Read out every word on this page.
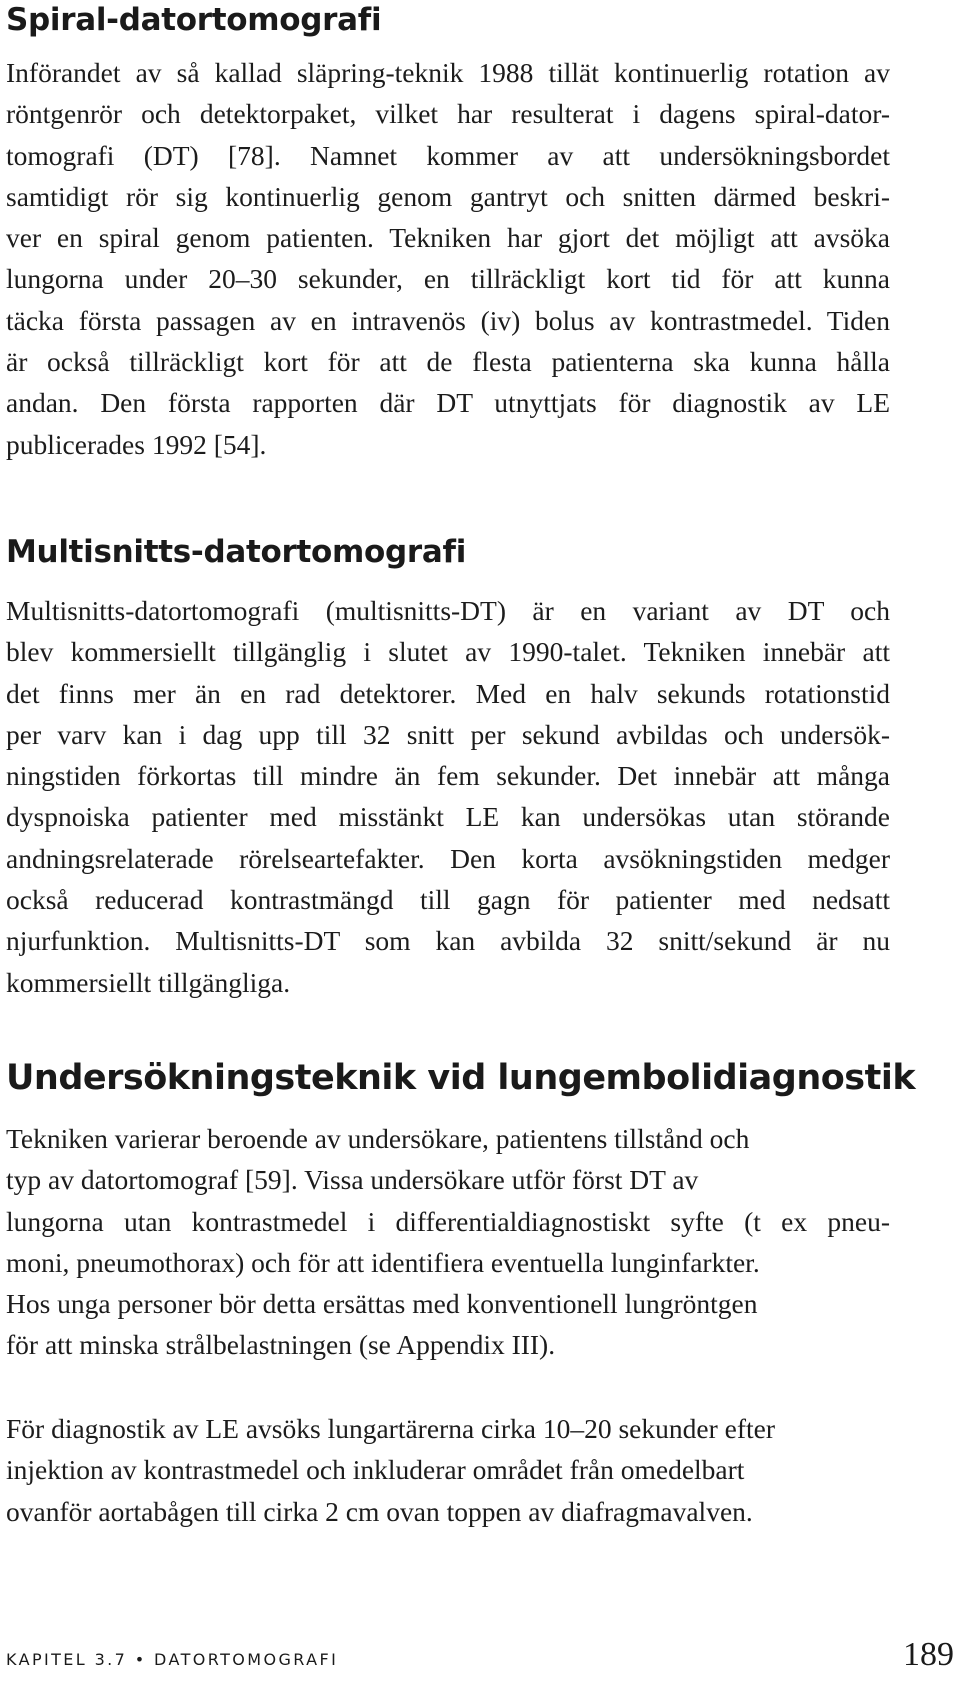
Spiral-datortomografi
Införandet av så kallad släpring-teknik 1988 tillät kontinuerlig rotation av
röntgenrör och detektorpaket, vilket har resulterat i dagens spiral-dator-
tomografi (DT) [78]. Namnet kommer av att undersökningsbordet
samtidigt rör sig kontinuerlig genom gantryt och snitten därmed beskri-
ver en spiral genom patienten. Tekniken har gjort det möjligt att avsöka
lungorna under 20–30 sekunder, en tillräckligt kort tid för att kunna
täcka första passagen av en intravenös (iv) bolus av kontrastmedel. Tiden
är också tillräckligt kort för att de flesta patienterna ska kunna hålla
andan. Den första rapporten där DT utnyttjats för diagnostik av LE
publicerades 1992 [54].
Multisnitts-datortomografi
Multisnitts-datortomografi (multisnitts-DT) är en variant av DT och
blev kommersiellt tillgänglig i slutet av 1990-talet. Tekniken innebär att
det finns mer än en rad detektorer. Med en halv sekunds rotationstid
per varv kan i dag upp till 32 snitt per sekund avbildas och undersök-
ningstiden förkortas till mindre än fem sekunder. Det innebär att många
dyspnoiska patienter med misstänkt LE kan undersökas utan störande
andningsrelaterade rörelseartefakter. Den korta avsökningstiden medger
också reducerad kontrastmängd till gagn för patienter med nedsatt
njurfunktion. Multisnitts-DT som kan avbilda 32 snitt/sekund är nu
kommersiellt tillgängliga.
Undersökningsteknik vid lungembolidiagnostik
Tekniken varierar beroende av undersökare, patientens tillstånd och
typ av datortomograf [59]. Vissa undersökare utför först DT av
lungorna utan kontrastmedel i differentialdiagnostiskt syfte (t ex pneu-
moni, pneumothorax) och för att identifiera eventuella lunginfarkter.
Hos unga personer bör detta ersättas med konventionell lungröntgen
för att minska strålbelastningen (se Appendix III).
För diagnostik av LE avsöks lungartärerna cirka 10–20 sekunder efter
injektion av kontrastmedel och inkluderar området från omedelbart
ovanför aortabågen till cirka 2 cm ovan toppen av diafragmavalven.
KAPITEL 3.7 • DATORTOMOGRAFI	189
